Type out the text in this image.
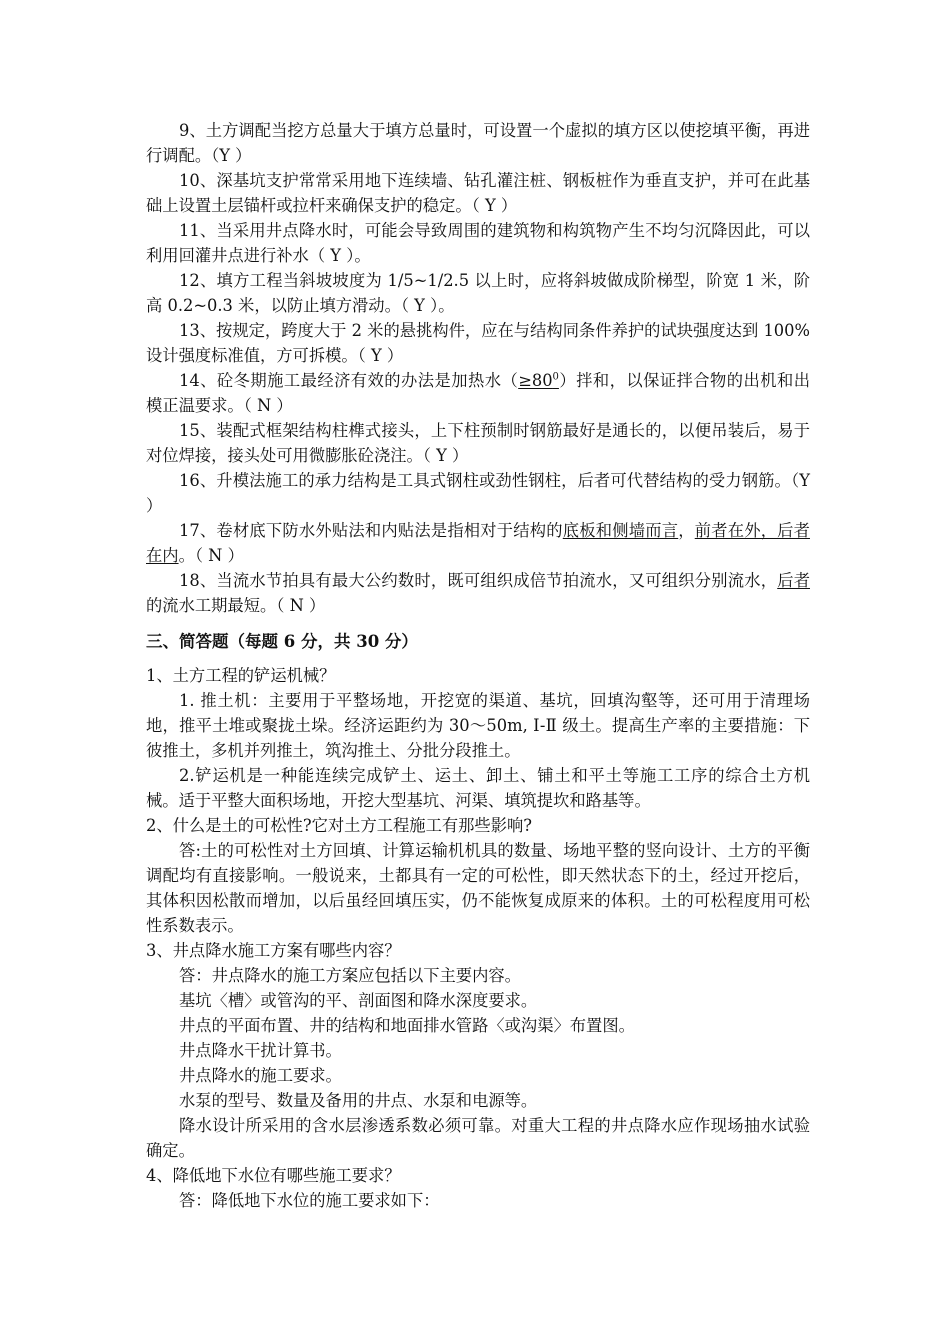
9、土方调配当挖方总量大于填方总量时，可设置一个虚拟的填方区以使挖填平衡，再进行调配。（Y ）

10、深基坑支护常常采用地下连续墙、钻孔灌注桩、钢板桩作为垂直支护，并可在此基础上设置土层锚杆或拉杆来确保支护的稳定。（ Y ）

11、当采用井点降水时，可能会导致周围的建筑物和构筑物产生不均匀沉降因此，可以利用回灌井点进行补水（ Y ）。

12、填方工程当斜坡坡度为 1/5~1/2.5 以上时，应将斜坡做成阶梯型，阶宽 1 米，阶高 0.2~0.3 米，以防止填方滑动。（ Y ）。

13、按规定，跨度大于 2 米的悬挑构件，应在与结构同条件养护的试块强度达到 100%设计强度标准值，方可拆模。（ Y ）

14、砼冬期施工最经济有效的办法是加热水$(\ge 80^0)$拌和，以保证拌合物的出机和出模正温要求。（ N ）

15、装配式框架结构柱榫式接头，上下柱预制时钢筋最好是通长的，以便吊装后，易于对位焊接，接头处可用微膨胀砼浇注。（ Y ）

16、升模法施工的承力结构是工具式钢柱或劲性钢柱，后者可代替结构的受力钢筋。（Y ）

17、卷材底下防水外贴法和内贴法是指相对于结构的底板和侧墙而言，前者在外，后者在内。（ N ）

18、当流水节拍具有最大公约数时，既可组织成倍节拍流水，又可组织分别流水，后者的流水工期最短。（ N ）

三、简答题（每题 6 分，共 30 分）

1、土方工程的铲运机械？

1. 推土机：主要用于平整场地，开挖宽的渠道、基坑，回填沟壑等，还可用于清理场地，推平土堆或聚拢土垛。经济运距约为 30～50m, Ⅰ-Ⅱ 级土。提高生产率的主要措施：下彼推土，多机并列推土，筑沟推土、分批分段推土。

2.铲运机是一种能连续完成铲土、运土、卸土、铺土和平土等施工工序的综合土方机械。适于平整大面积场地，开挖大型基坑、河渠、填筑提坎和路基等。

2、什么是土的可松性?它对土方工程施工有那些影响?

答:土的可松性对土方回填、计算运输机机具的数量、场地平整的竖向设计、土方的平衡调配均有直接影响。一般说来，土都具有一定的可松性，即天然状态下的土，经过开挖后，其体积因松散而增加，以后虽经回填压实，仍不能恢复成原来的体积。土的可松程度用可松性系数表示。

3、井点降水施工方案有哪些内容？

答：井点降水的施工方案应包括以下主要内容。

基坑〈槽〉或管沟的平、剖面图和降水深度要求。

井点的平面布置、井的结构和地面排水管路〈或沟渠〉布置图。

井点降水干扰计算书。

井点降水的施工要求。

水泵的型号、数量及备用的井点、水泵和电源等。

降水设计所采用的含水层渗透系数必须可靠。对重大工程的井点降水应作现场抽水试验确定。

4、降低地下水位有哪些施工要求？

答：降低地下水位的施工要求如下：
